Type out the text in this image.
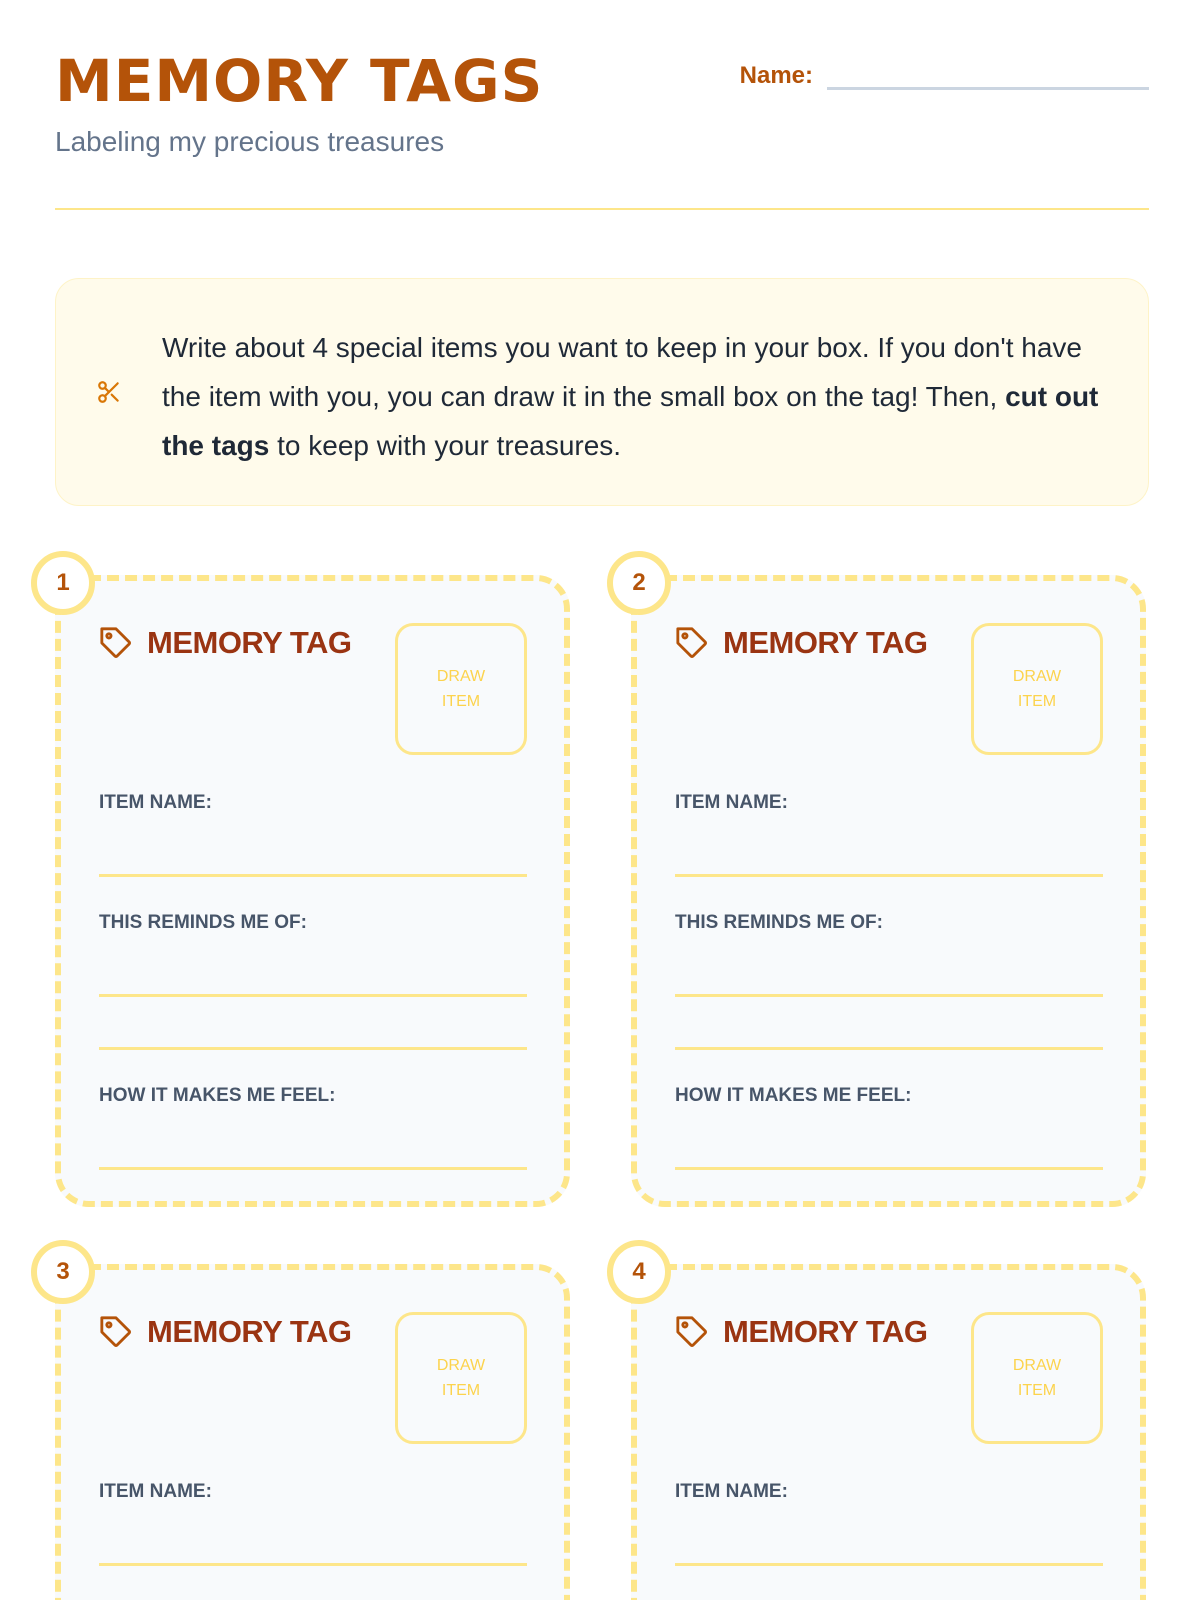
MEMORY TAGS
Labeling my precious treasures
Name:

Write about 4 special items you want to keep in your box. If you don't have the item with you, you can draw it in the small box on the tag! Then, cut out the tags to keep with your treasures.

1
MEMORY TAG
DRAW
ITEM
ITEM NAME:
THIS REMINDS ME OF:
HOW IT MAKES ME FEEL:
2
MEMORY TAG
DRAW
ITEM
ITEM NAME:
THIS REMINDS ME OF:
HOW IT MAKES ME FEEL:
3
MEMORY TAG
DRAW
ITEM
ITEM NAME:
4
MEMORY TAG
DRAW
ITEM
ITEM NAME:
